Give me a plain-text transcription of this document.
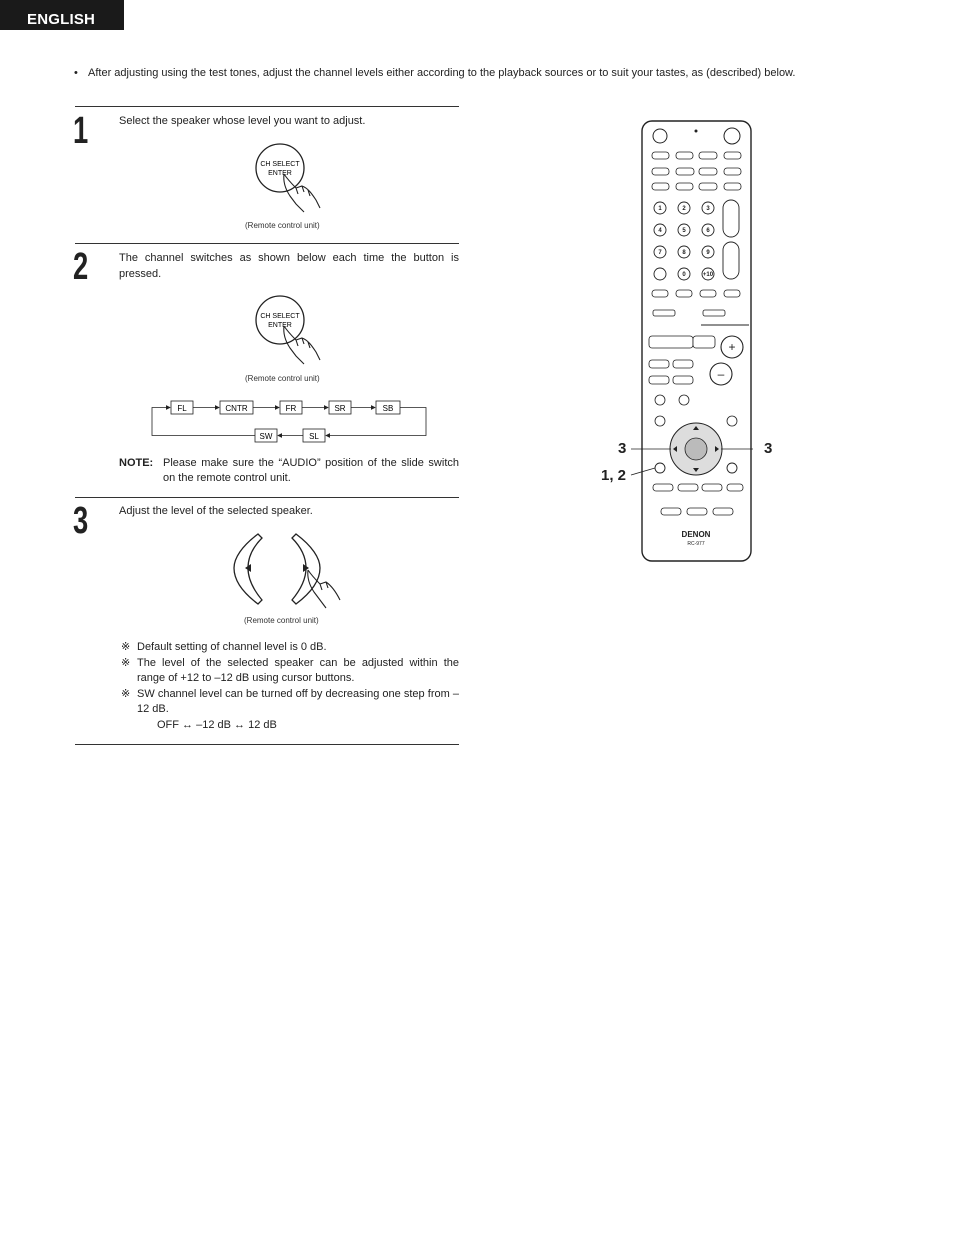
ENGLISH
• After adjusting using the test tones, adjust the channel levels either according to the playback sources or to suit your tastes, as (described) below.
1	Select the speaker whose level you want to adjust.
CH SELECT
ENTER
(Remote control unit)
2	The channel switches as shown below each time the button is pressed.
CH SELECT
ENTER
(Remote control unit)
FL	CNTR	FR	SR	SB
SW	SL
NOTE: Please make sure the “AUDIO” position of the slide switch on the remote control unit.
3	Adjust the level of the selected speaker.
(Remote control unit)
※ Default setting of channel level is 0 dB.
※ The level of the selected speaker can be adjusted within the range of +12 to –12 dB using cursor buttons.
※ SW channel level can be turned off by decreasing one step from –12 dB.
OFF ↔ –12 dB ↔ 12 dB
1	2	3
4	5	6
7	8	9
0	+10
+
–
DENON
RC-977
3	3
1, 2
